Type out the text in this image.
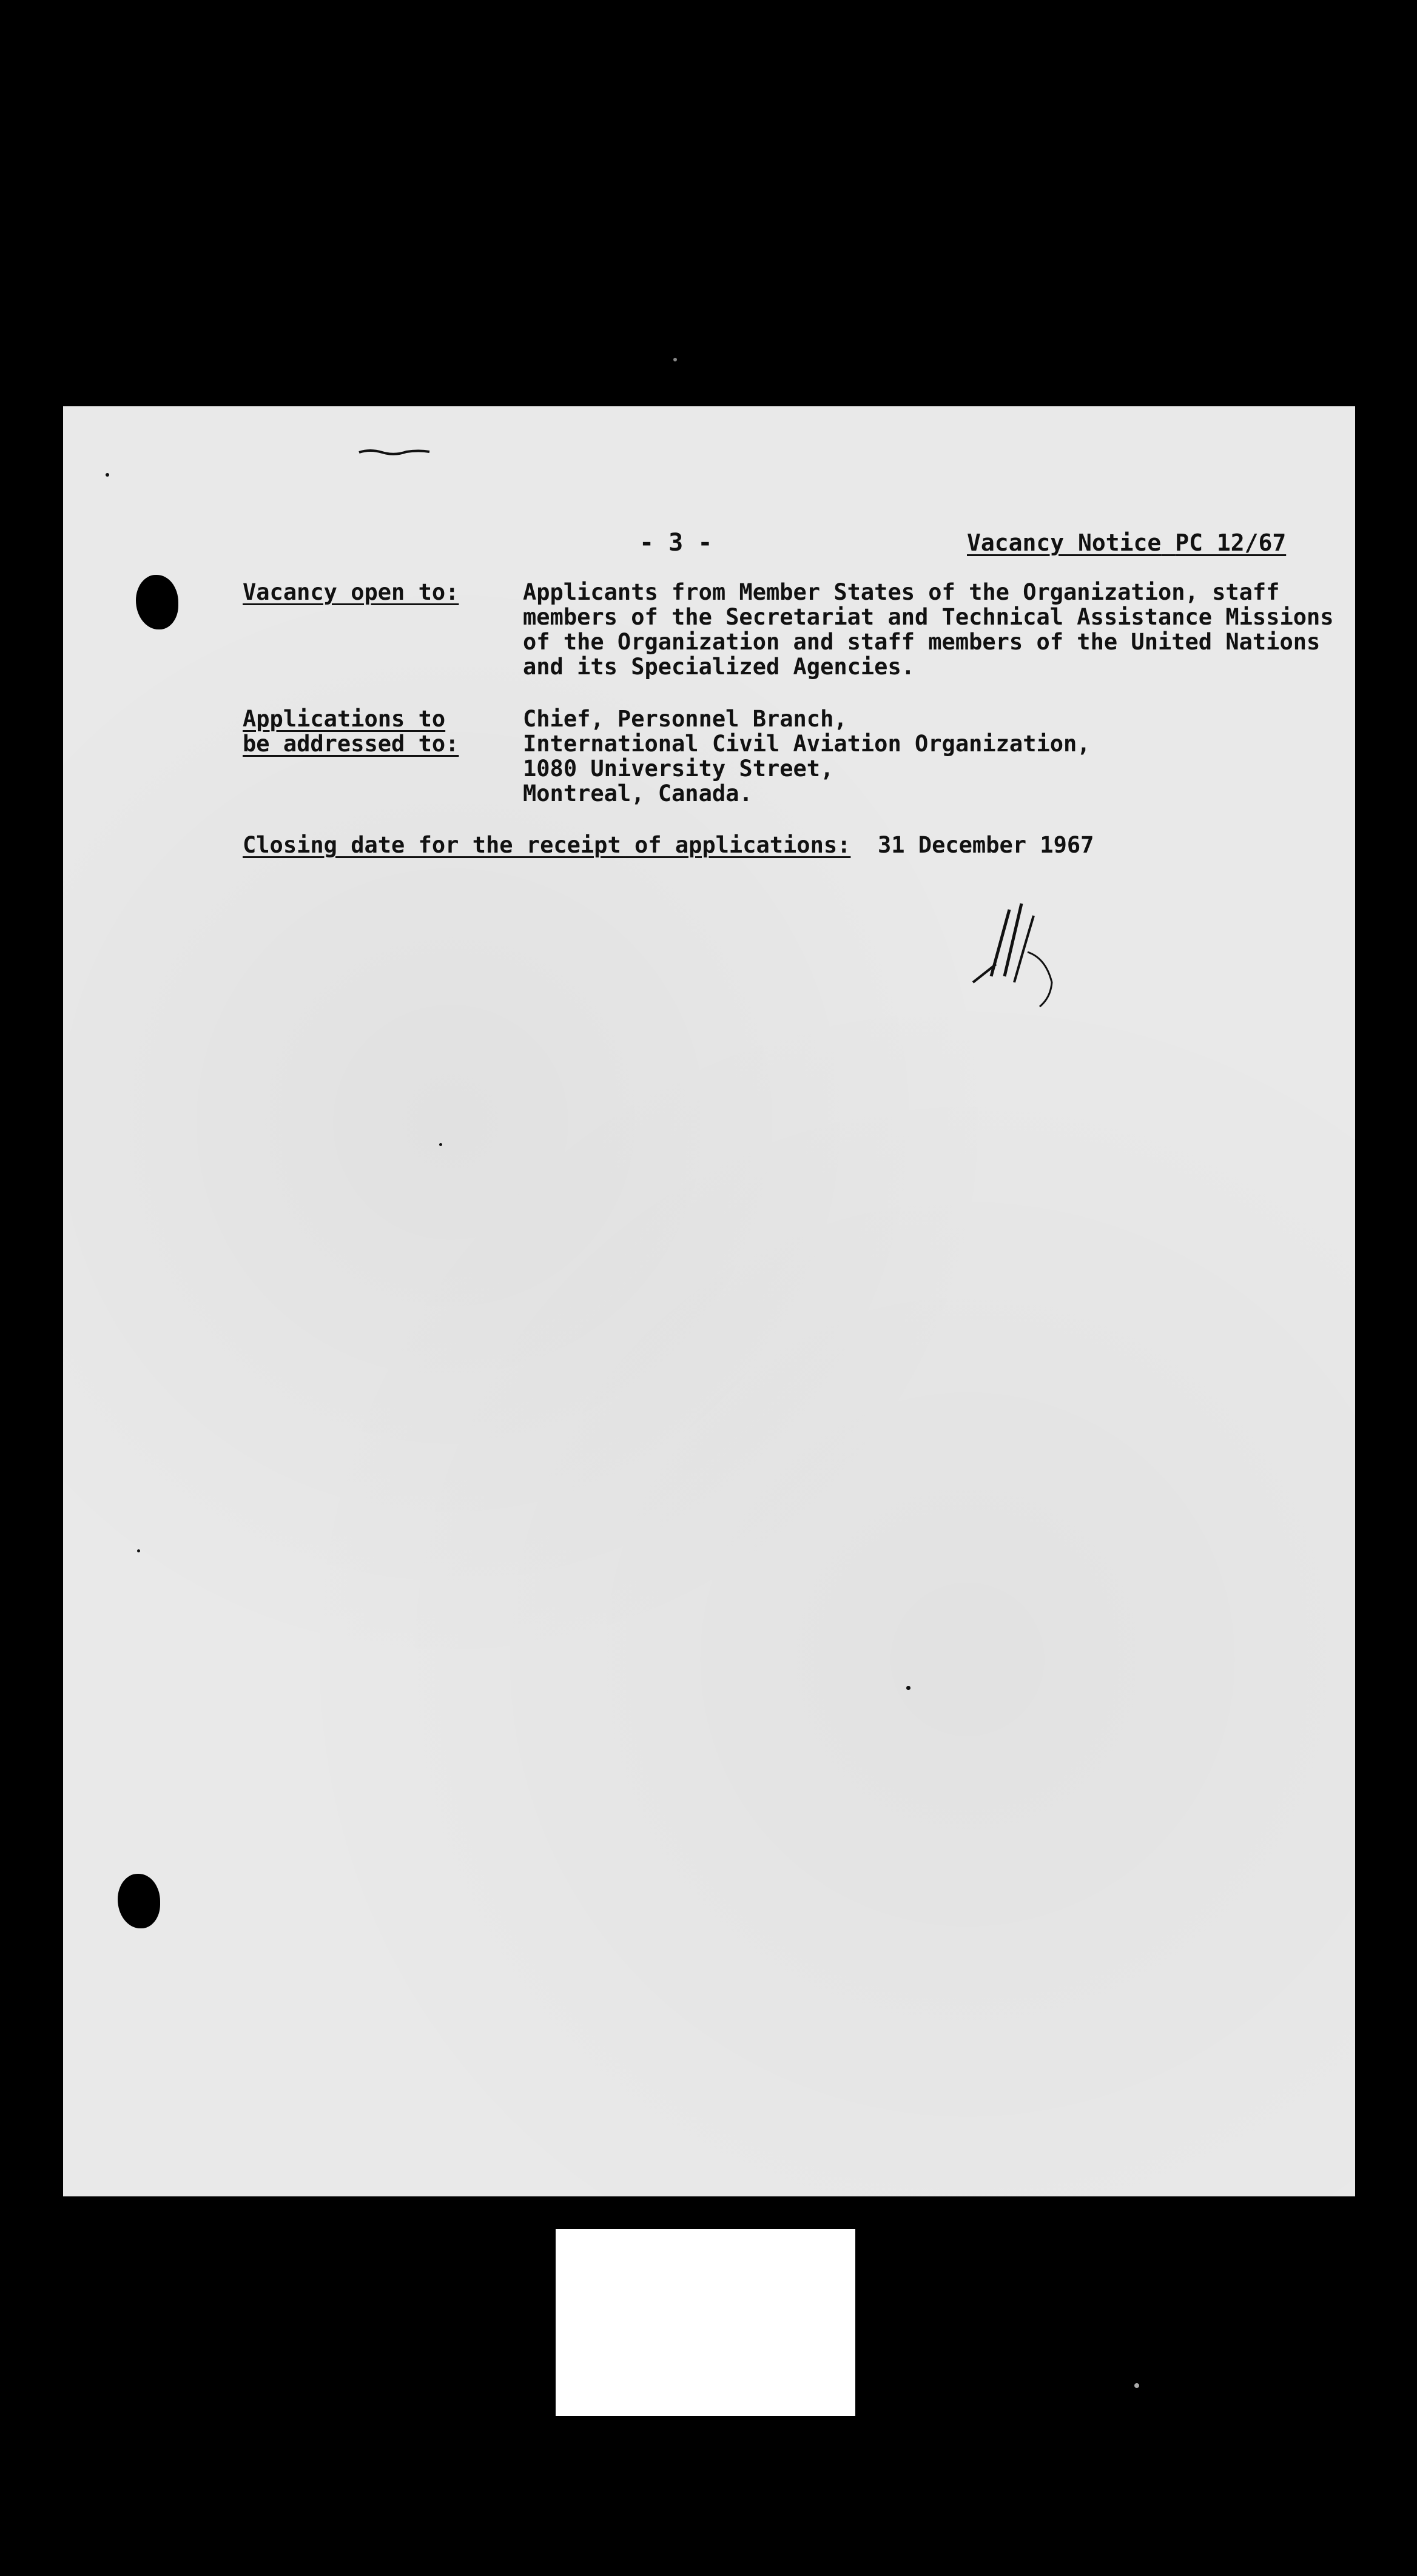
- 3 -	Vacancy Notice PC 12/67
Vacancy open to:	Applicants from Member States of the Organization, staff
members of the Secretariat and Technical Assistance Missions
of the Organization and staff members of the United Nations
and its Specialized Agencies.
Applications to
be addressed to:
Chief, Personnel Branch,
International Civil Aviation Organization,
1080 University Street,
Montreal, Canada.
Closing date for the receipt of applications: 31 December 1967
